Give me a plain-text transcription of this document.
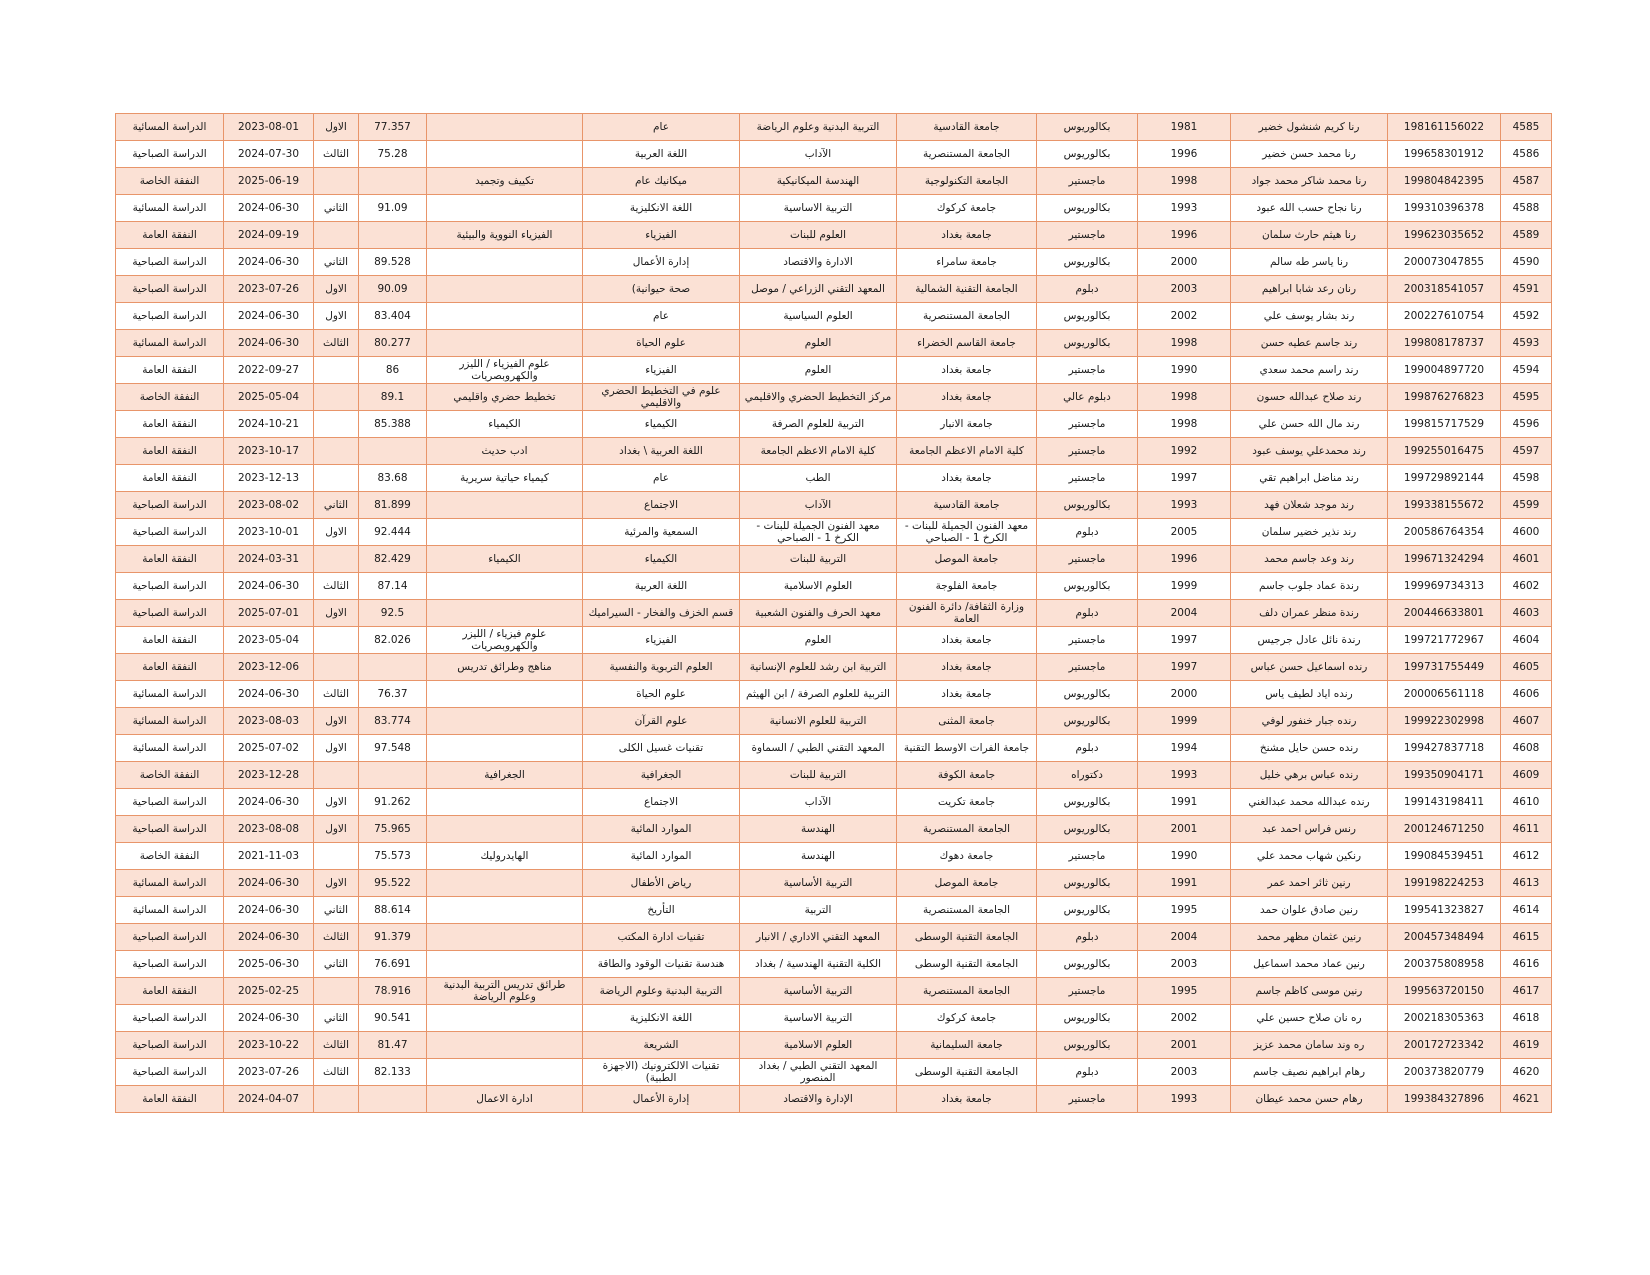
الدراسة المسائية	2023-08-01	الاول	77.357		عام	التربية البدنية وعلوم الرياضة	جامعة القادسية	بكالوريوس	1981	رنا كريم شنشول خضير	198161156022	4585
الدراسة الصباحية	2024-07-30	الثالث	75.28		اللغة العربية	الآداب	الجامعة المستنصرية	بكالوريوس	1996	رنا محمد حسن خضير	199658301912	4586
النفقة الخاصة	2025-06-19			تكييف وتجميد	ميكانيك عام	الهندسة الميكانيكية	الجامعة التكنولوجية	ماجستير	1998	رنا محمد شاكر محمد جواد	199804842395	4587
الدراسة المسائية	2024-06-30	الثاني	91.09		اللغة الانكليزية	التربية الاساسية	جامعة كركوك	بكالوريوس	1993	رنا نجاح حسب الله عبود	199310396378	4588
النفقة العامة	2024-09-19			الفيزياء النووية والبيئية	الفيزياء	العلوم للبنات	جامعة بغداد	ماجستير	1996	رنا هيثم حارث سلمان	199623035652	4589
الدراسة الصباحية	2024-06-30	الثاني	89.528		إدارة الأعمال	الادارة والاقتصاد	جامعة سامراء	بكالوريوس	2000	رنا ياسر طه سالم	200073047855	4590
الدراسة الصباحية	2023-07-26	الاول	90.09		صحة حيوانية)	المعهد التقني الزراعي / موصل	الجامعة التقنية الشمالية	دبلوم	2003	رنان رعد شابا ابراهيم	200318541057	4591
الدراسة الصباحية	2024-06-30	الاول	83.404		عام	العلوم السياسية	الجامعة المستنصرية	بكالوريوس	2002	رند بشار يوسف علي	200227610754	4592
الدراسة المسائية	2024-06-30	الثالث	80.277		علوم الحياة	العلوم	جامعة القاسم الخضراء	بكالوريوس	1998	رند جاسم عطيه حسن	199808178737	4593
النفقة العامة	2022-09-27		86	علوم الفيزياء / الليزر والكهروبصريات	الفيزياء	العلوم	جامعة بغداد	ماجستير	1990	رند راسم محمد سعدي	199004897720	4594
النفقة الخاصة	2025-05-04		89.1	تخطيط حضري واقليمي	علوم في التخطيط الحضري والاقليمي	مركز التخطيط الحضري والاقليمي	جامعة بغداد	دبلوم عالي	1998	رند صلاح عبدالله حسون	199876276823	4595
النفقة العامة	2024-10-21		85.388	الكيمياء	الكيمياء	التربية للعلوم الصرفة	جامعة الانبار	ماجستير	1998	رند مال الله حسن علي	199815717529	4596
النفقة العامة	2023-10-17			ادب حديث	اللغة العربية \ بغداد	كلية الامام الاعظم الجامعة	كلية الامام الاعظم الجامعة	ماجستير	1992	رند محمدعلي يوسف عبود	199255016475	4597
النفقة العامة	2023-12-13		83.68	كيمياء حياتية سريرية	عام	الطب	جامعة بغداد	ماجستير	1997	رند مناضل ابراهيم تقي	199729892144	4598
الدراسة الصباحية	2023-08-02	الثاني	81.899		الاجتماع	الآداب	جامعة القادسية	بكالوريوس	1993	رند موجد شعلان فهد	199338155672	4599
الدراسة الصباحية	2023-10-01	الاول	92.444		السمعية والمرئية	معهد الفنون الجميلة للبنات - الكرخ 1 - الصباحي	معهد الفنون الجميلة للبنات - الكرخ 1 - الصباحي	دبلوم	2005	رند نذير خضير سلمان	200586764354	4600
النفقة العامة	2024-03-31		82.429	الكيمياء	الكيمياء	التربية للبنات	جامعة الموصل	ماجستير	1996	رند وعد جاسم محمد	199671324294	4601
الدراسة الصباحية	2024-06-30	الثالث	87.14		اللغة العربية	العلوم الاسلامية	جامعة الفلوجة	بكالوريوس	1999	رندة عماد جلوب جاسم	199969734313	4602
الدراسة الصباحية	2025-07-01	الاول	92.5		قسم الخزف والفخار - السيراميك	معهد الحرف والفنون الشعبية	وزارة الثقافة/ دائرة الفنون العامة	دبلوم	2004	رندة منظر عمران دلف	200446633801	4603
النفقة العامة	2023-05-04		82.026	علوم فيزياء / الليزر والكهروبصريات	الفيزياء	العلوم	جامعة بغداد	ماجستير	1997	رندة نائل عادل جرجيس	199721772967	4604
النفقة العامة	2023-12-06			مناهج وطرائق تدريس	العلوم التربوية والنفسية	التربية ابن رشد للعلوم الإنسانية	جامعة بغداد	ماجستير	1997	رنده اسماعيل حسن عباس	199731755449	4605
الدراسة المسائية	2024-06-30	الثالث	76.37		علوم الحياة	التربية للعلوم الصرفة / ابن الهيثم	جامعة بغداد	بكالوريوس	2000	رنده اياد لطيف ياس	200006561118	4606
الدراسة المسائية	2023-08-03	الاول	83.774		علوم القرآن	التربية للعلوم الانسانية	جامعة المثنى	بكالوريوس	1999	رنده جبار خنفور لوفي	199922302998	4607
الدراسة المسائية	2025-07-02	الاول	97.548		تقنيات غسيل الكلى	المعهد التقني الطبي / السماوة	جامعة الفرات الاوسط التقنية	دبلوم	1994	رنده حسن حايل مشنخ	199427837718	4608
النفقة الخاصة	2023-12-28			الجغرافية	الجغرافية	التربية للبنات	جامعة الكوفة	دكتوراه	1993	رنده عباس برهي خليل	199350904171	4609
الدراسة الصباحية	2024-06-30	الاول	91.262		الاجتماع	الآداب	جامعة تكريت	بكالوريوس	1991	رنده عبدالله محمد عبدالغني	199143198411	4610
الدراسة الصباحية	2023-08-08	الاول	75.965		الموارد المائية	الهندسة	الجامعة المستنصرية	بكالوريوس	2001	رنس فراس احمد عبد	200124671250	4611
النفقة الخاصة	2021-11-03		75.573	الهايدروليك	الموارد المائية	الهندسة	جامعة دهوك	ماجستير	1990	رنكين شهاب محمد علي	199084539451	4612
الدراسة المسائية	2024-06-30	الاول	95.522		رياض الأطفال	التربية الأساسية	جامعة الموصل	بكالوريوس	1991	رنين ثائر احمد عمر	199198224253	4613
الدراسة المسائية	2024-06-30	الثاني	88.614		التأريخ	التربية	الجامعة المستنصرية	بكالوريوس	1995	رنين صادق علوان حمد	199541323827	4614
الدراسة الصباحية	2024-06-30	الثالث	91.379		تقنيات ادارة المكتب	المعهد التقني الاداري / الانبار	الجامعة التقنية الوسطى	دبلوم	2004	رنين عثمان مظهر محمد	200457348494	4615
الدراسة الصباحية	2025-06-30	الثاني	76.691		هندسة تقنيات الوقود والطاقة	الكلية التقنية الهندسية / بغداد	الجامعة التقنية الوسطى	بكالوريوس	2003	رنين عماد محمد اسماعيل	200375808958	4616
النفقة العامة	2025-02-25		78.916	طرائق تدريس التربية البدنية وعلوم الرياضة	التربية البدنية وعلوم الرياضة	التربية الأساسية	الجامعة المستنصرية	ماجستير	1995	رنين موسى كاظم جاسم	199563720150	4617
الدراسة الصباحية	2024-06-30	الثاني	90.541		اللغة الانكليزية	التربية الاساسية	جامعة كركوك	بكالوريوس	2002	ره نان صلاح حسين علي	200218305363	4618
الدراسة الصباحية	2023-10-22	الثالث	81.47		الشريعة	العلوم الاسلامية	جامعة السليمانية	بكالوريوس	2001	ره وند سامان محمد عزيز	200172723342	4619
الدراسة الصباحية	2023-07-26	الثالث	82.133		تقنيات الالكترونيك (الاجهزة الطبية)	المعهد التقني الطبي / بغداد المنصور	الجامعة التقنية الوسطى	دبلوم	2003	رهام ابراهيم نصيف جاسم	200373820779	4620
النفقة العامة	2024-04-07			ادارة الاعمال	إدارة الأعمال	الإدارة والاقتصاد	جامعة بغداد	ماجستير	1993	رهام حسن محمد عيطان	199384327896	4621
